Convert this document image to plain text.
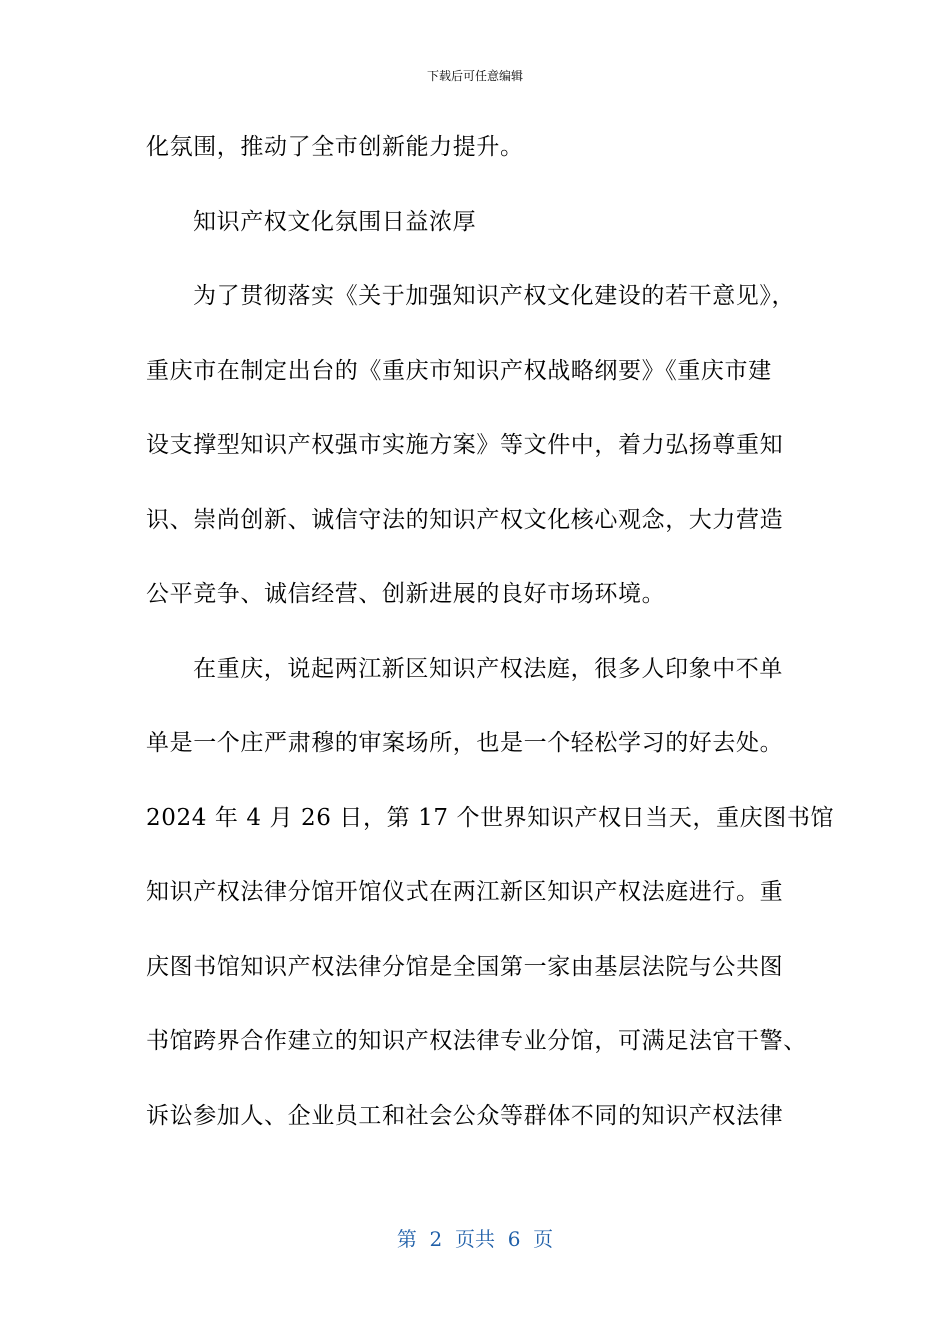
下载后可任意编辑
化氛围，推动了全市创新能力提升。
知识产权文化氛围日益浓厚
为了贯彻落实《关于加强知识产权文化建设的若干意见》，
重庆市在制定出台的《重庆市知识产权战略纲要》《重庆市建
设支撑型知识产权强市实施方案》等文件中，着力弘扬尊重知
识、崇尚创新、诚信守法的知识产权文化核心观念，大力营造
公平竞争、诚信经营、创新进展的良好市场环境。
在重庆，说起两江新区知识产权法庭，很多人印象中不单
单是一个庄严肃穆的审案场所，也是一个轻松学习的好去处。
2024 年 4 月 26 日，第 17 个世界知识产权日当天，重庆图书馆
知识产权法律分馆开馆仪式在两江新区知识产权法庭进行。重
庆图书馆知识产权法律分馆是全国第一家由基层法院与公共图
书馆跨界合作建立的知识产权法律专业分馆，可满足法官干警、
诉讼参加人、企业员工和社会公众等群体不同的知识产权法律
第  2  页共  6  页
